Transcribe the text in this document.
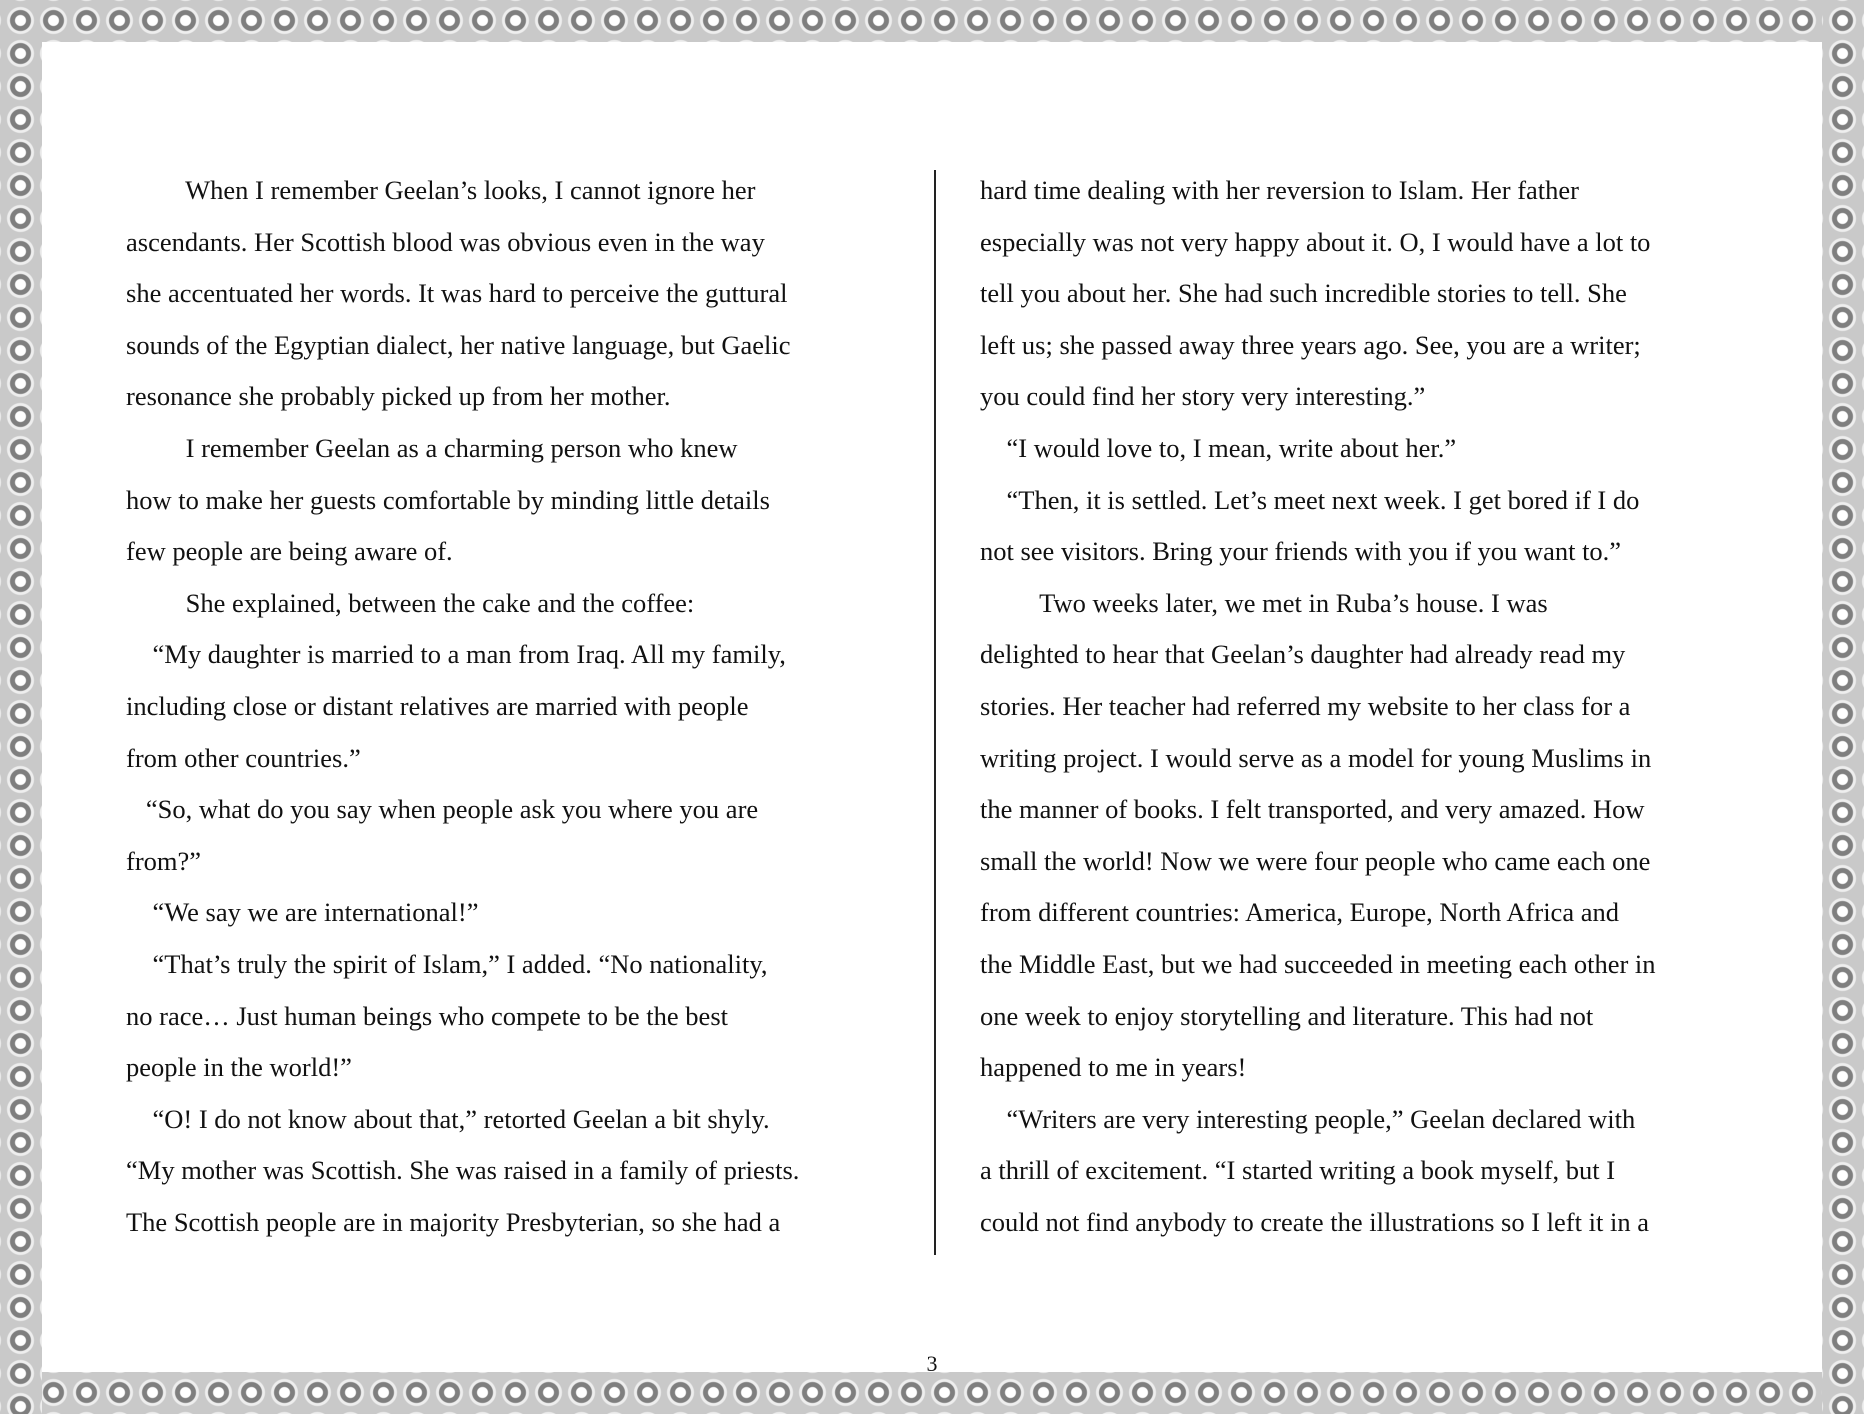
When I remember Geelan’s looks, I cannot ignore her

ascendants. Her Scottish blood was obvious even in the way

she accentuated her words. It was hard to perceive the guttural

sounds of the Egyptian dialect, her native language, but Gaelic

resonance she probably picked up from her mother.

I remember Geelan as a charming person who knew

how to make her guests comfortable by minding little details

few people are being aware of.

She explained, between the cake and the coffee:

“My daughter is married to a man from Iraq. All my family,

including close or distant relatives are married with people

from other countries.”

“So, what do you say when people ask you where you are

from?”

“We say we are international!”

“That’s truly the spirit of Islam,” I added. “No nationality,

no race… Just human beings who compete to be the best

people in the world!”

“O! I do not know about that,” retorted Geelan a bit shyly.

“My mother was Scottish. She was raised in a family of priests.

The Scottish people are in majority Presbyterian, so she had a

hard time dealing with her reversion to Islam. Her father

especially was not very happy about it. O, I would have a lot to

tell you about her. She had such incredible stories to tell. She

left us; she passed away three years ago. See, you are a writer;

you could find her story very interesting.”

“I would love to, I mean, write about her.”

“Then, it is settled. Let’s meet next week. I get bored if I do

not see visitors. Bring your friends with you if you want to.”

Two weeks later, we met in Ruba’s house. I was

delighted to hear that Geelan’s daughter had already read my

stories. Her teacher had referred my website to her class for a

writing project. I would serve as a model for young Muslims in

the manner of books. I felt transported, and very amazed. How

small the world! Now we were four people who came each one

from different countries: America, Europe, North Africa and

the Middle East, but we had succeeded in meeting each other in

one week to enjoy storytelling and literature. This had not

happened to me in years!

“Writers are very interesting people,” Geelan declared with

a thrill of excitement. “I started writing a book myself, but I

could not find anybody to create the illustrations so I left it in a

3
